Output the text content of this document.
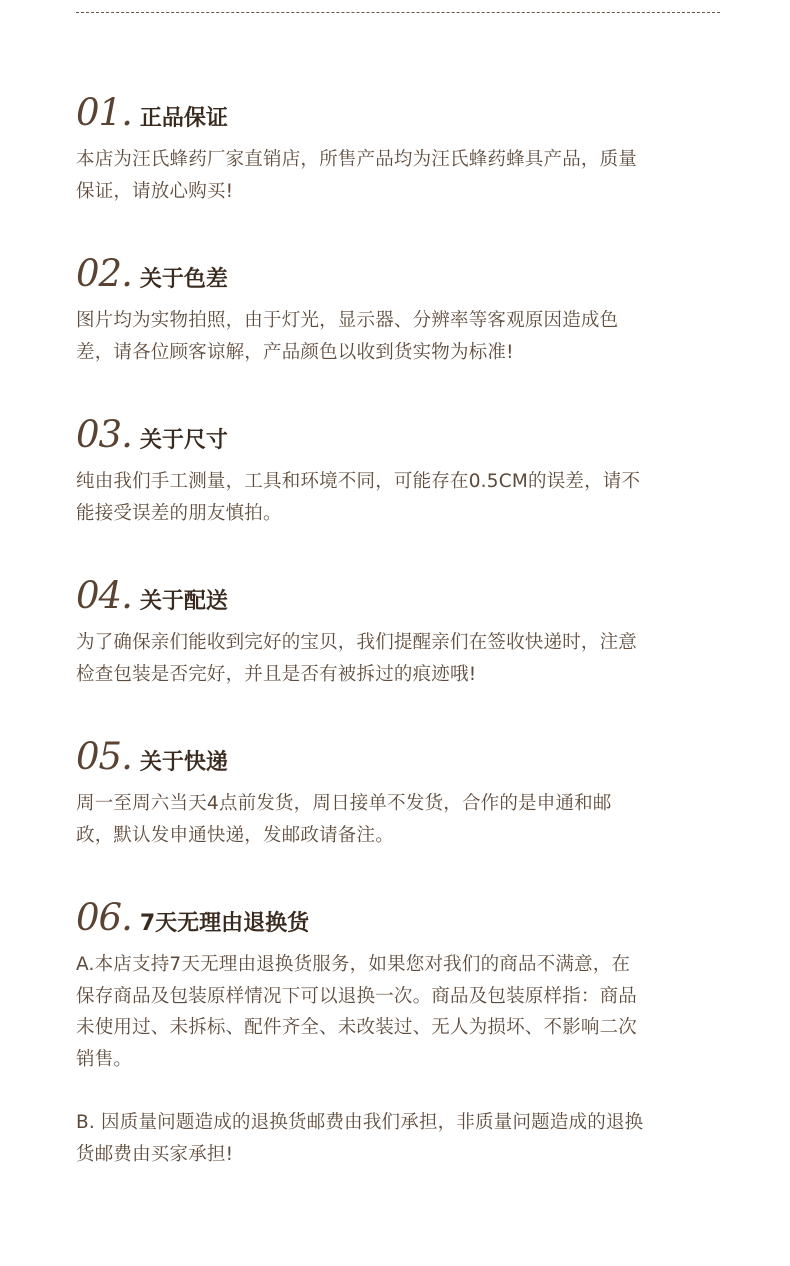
01. 正品保证
本店为汪氏蜂药厂家直销店，所售产品均为汪氏蜂药蜂具产品，质量
保证，请放心购买!
02. 关于色差
图片均为实物拍照，由于灯光，显示器、分辨率等客观原因造成色
差，请各位顾客谅解，产品颜色以收到货实物为标准!
03. 关于尺寸
纯由我们手工测量，工具和环境不同，可能存在0.5CM的误差，请不
能接受误差的朋友慎拍。
04. 关于配送
为了确保亲们能收到完好的宝贝，我们提醒亲们在签收快递时，注意
检查包装是否完好，并且是否有被拆过的痕迹哦!
05. 关于快递
周一至周六当天4点前发货，周日接单不发货，合作的是申通和邮
政，默认发申通快递，发邮政请备注。
06. 7天无理由退换货
A.本店支持7天无理由退换货服务，如果您对我们的商品不满意，在
保存商品及包装原样情况下可以退换一次。商品及包装原样指：商品
未使用过、未拆标、配件齐全、未改装过、无人为损坏、不影响二次
销售。
B. 因质量问题造成的退换货邮费由我们承担，非质量问题造成的退换
货邮费由买家承担!
